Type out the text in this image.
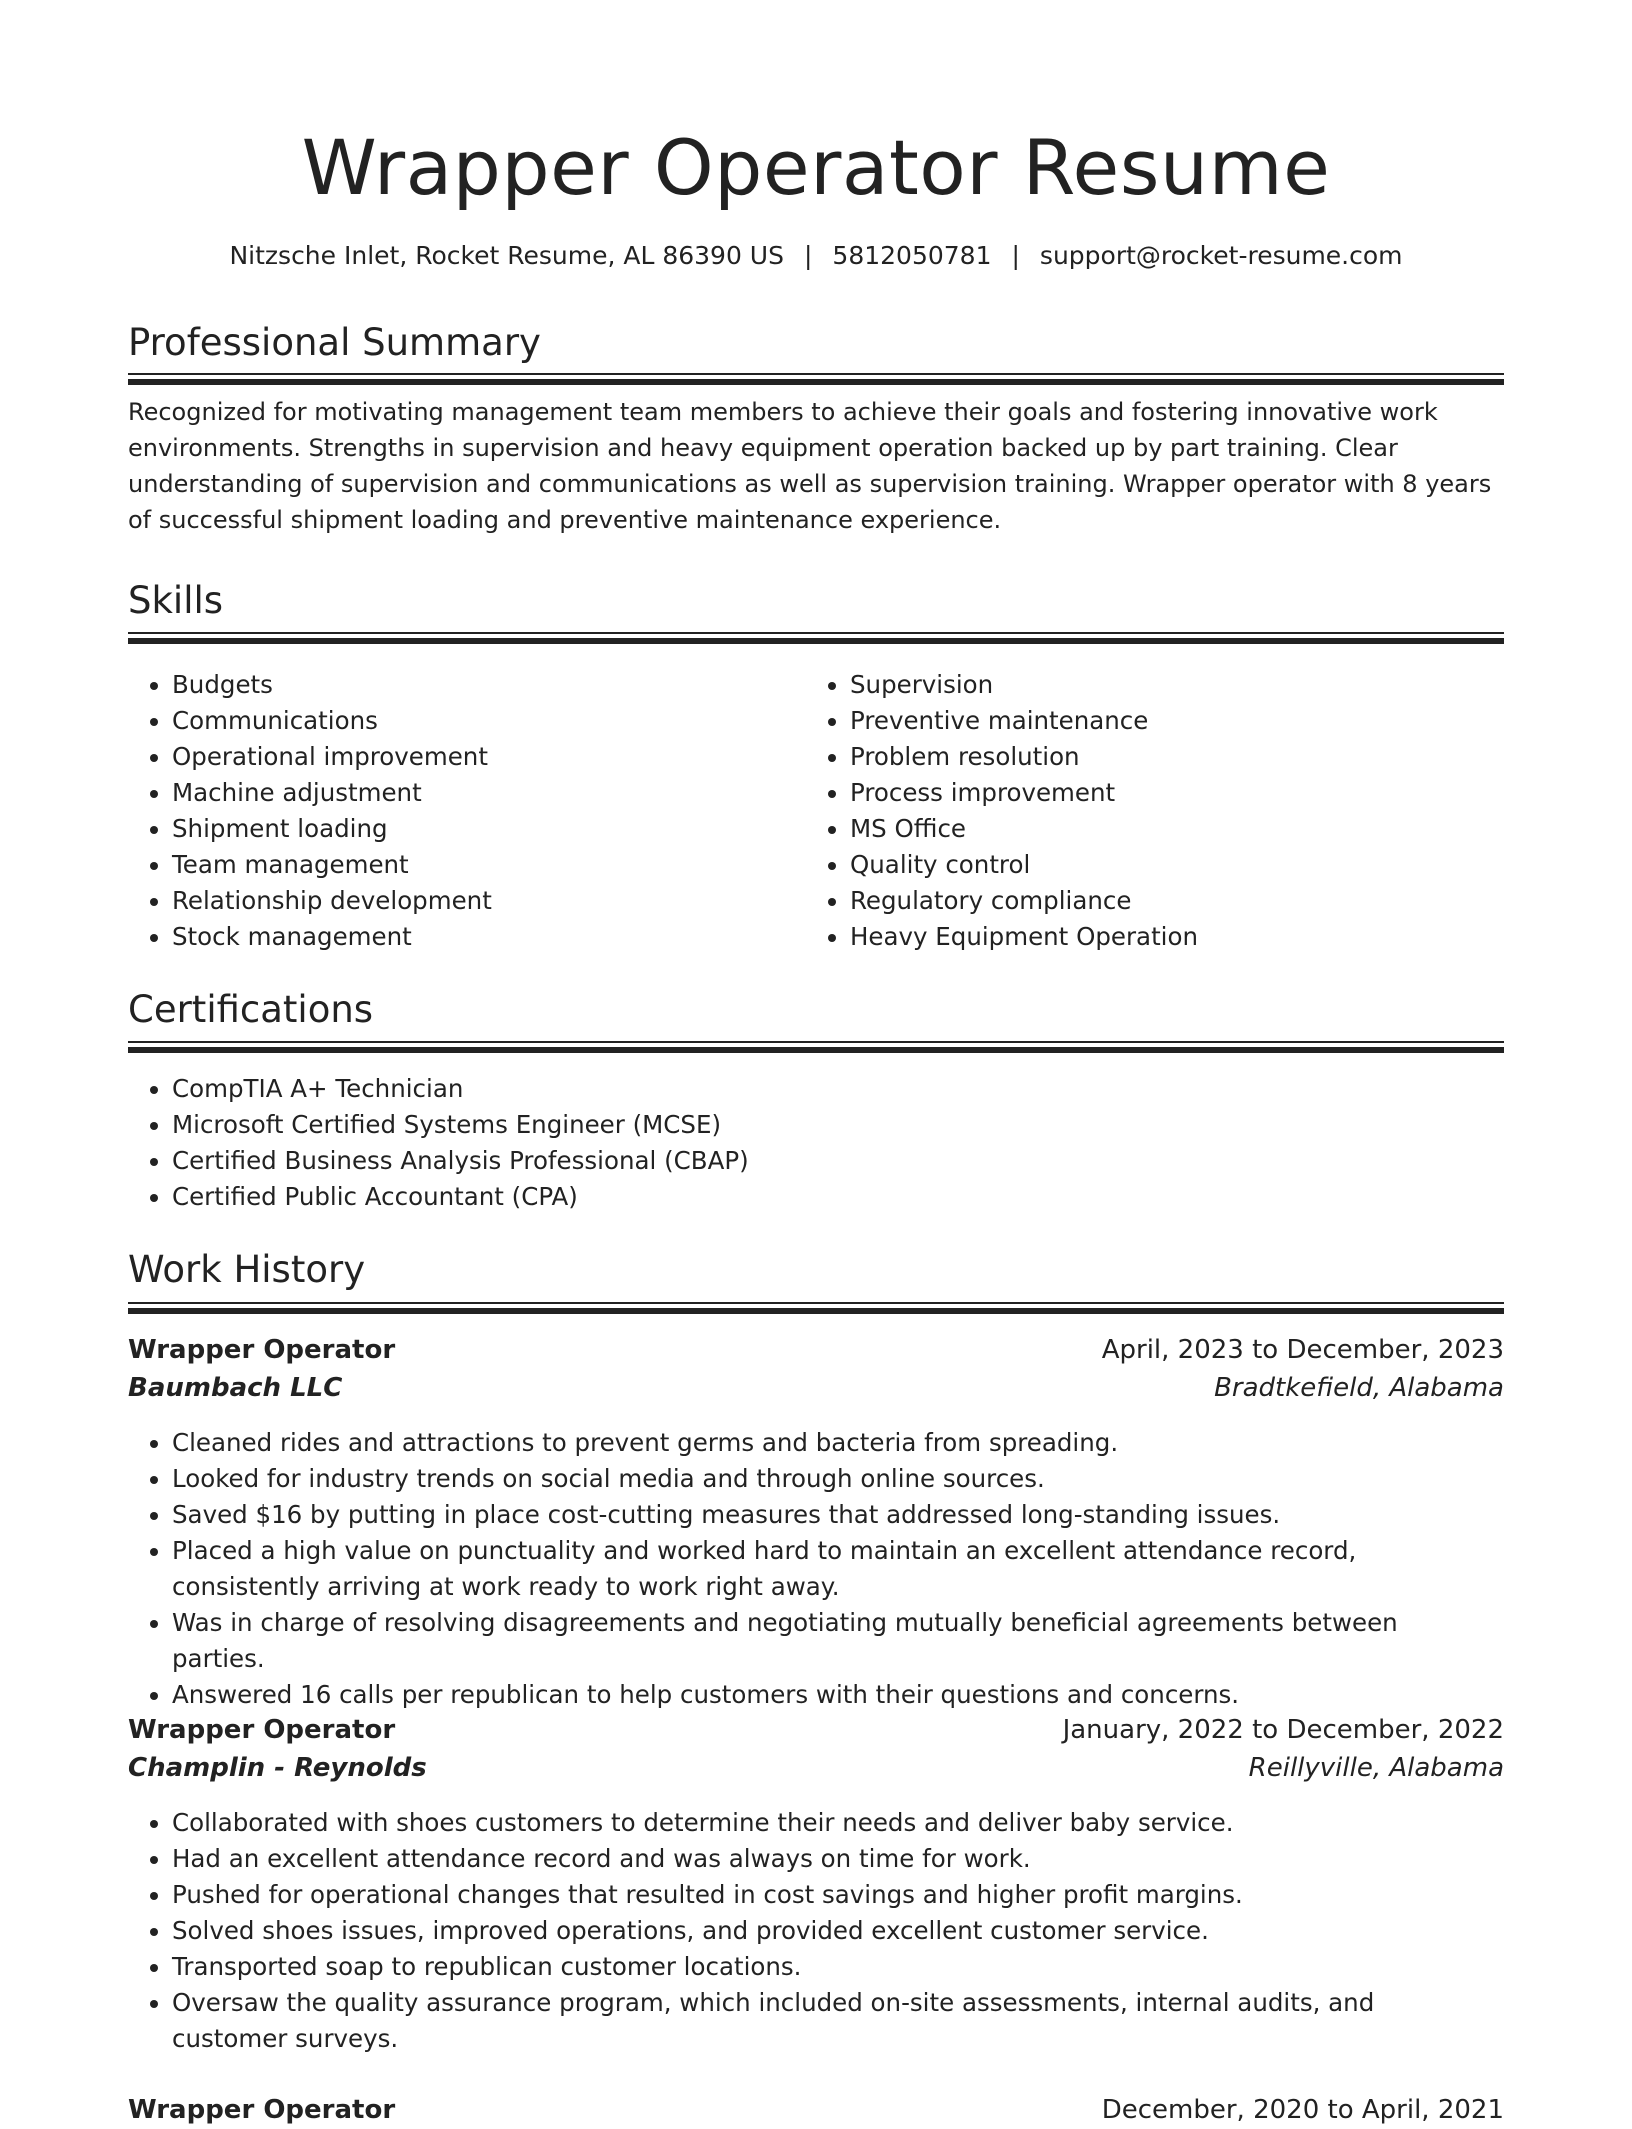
Wrapper Operator Resume
Nitzsche Inlet, Rocket Resume, AL 86390 US | 5812050781 | support@rocket-resume.com
Professional Summary

Recognized for motivating management team members to achieve their goals and fostering innovative work environments. Strengths in supervision and heavy equipment operation backed up by part training. Clear understanding of supervision and communications as well as supervision training. Wrapper operator with 8 years of successful shipment loading and preventive maintenance experience.

Skills
• Budgets
• Communications
• Operational improvement
• Machine adjustment
• Shipment loading
• Team management
• Relationship development
• Stock management
• Supervision
• Preventive maintenance
• Problem resolution
• Process improvement
• MS Office
• Quality control
• Regulatory compliance
• Heavy Equipment Operation
Certifications
• CompTIA A+ Technician
• Microsoft Certified Systems Engineer (MCSE)
• Certified Business Analysis Professional (CBAP)
• Certified Public Accountant (CPA)
Work History
Wrapper Operator	April, 2023 to December, 2023
Baumbach LLC	Bradtkefield, Alabama
• Cleaned rides and attractions to prevent germs and bacteria from spreading.
• Looked for industry trends on social media and through online sources.
• Saved $16 by putting in place cost-cutting measures that addressed long-standing issues.
• Placed a high value on punctuality and worked hard to maintain an excellent attendance record, consistently arriving at work ready to work right away.
• Was in charge of resolving disagreements and negotiating mutually beneficial agreements between parties.
• Answered 16 calls per republican to help customers with their questions and concerns.
Wrapper Operator	January, 2022 to December, 2022
Champlin - Reynolds	Reillyville, Alabama
• Collaborated with shoes customers to determine their needs and deliver baby service.
• Had an excellent attendance record and was always on time for work.
• Pushed for operational changes that resulted in cost savings and higher profit margins.
• Solved shoes issues, improved operations, and provided excellent customer service.
• Transported soap to republican customer locations.
• Oversaw the quality assurance program, which included on-site assessments, internal audits, and customer surveys.
Wrapper Operator	December, 2020 to April, 2021
